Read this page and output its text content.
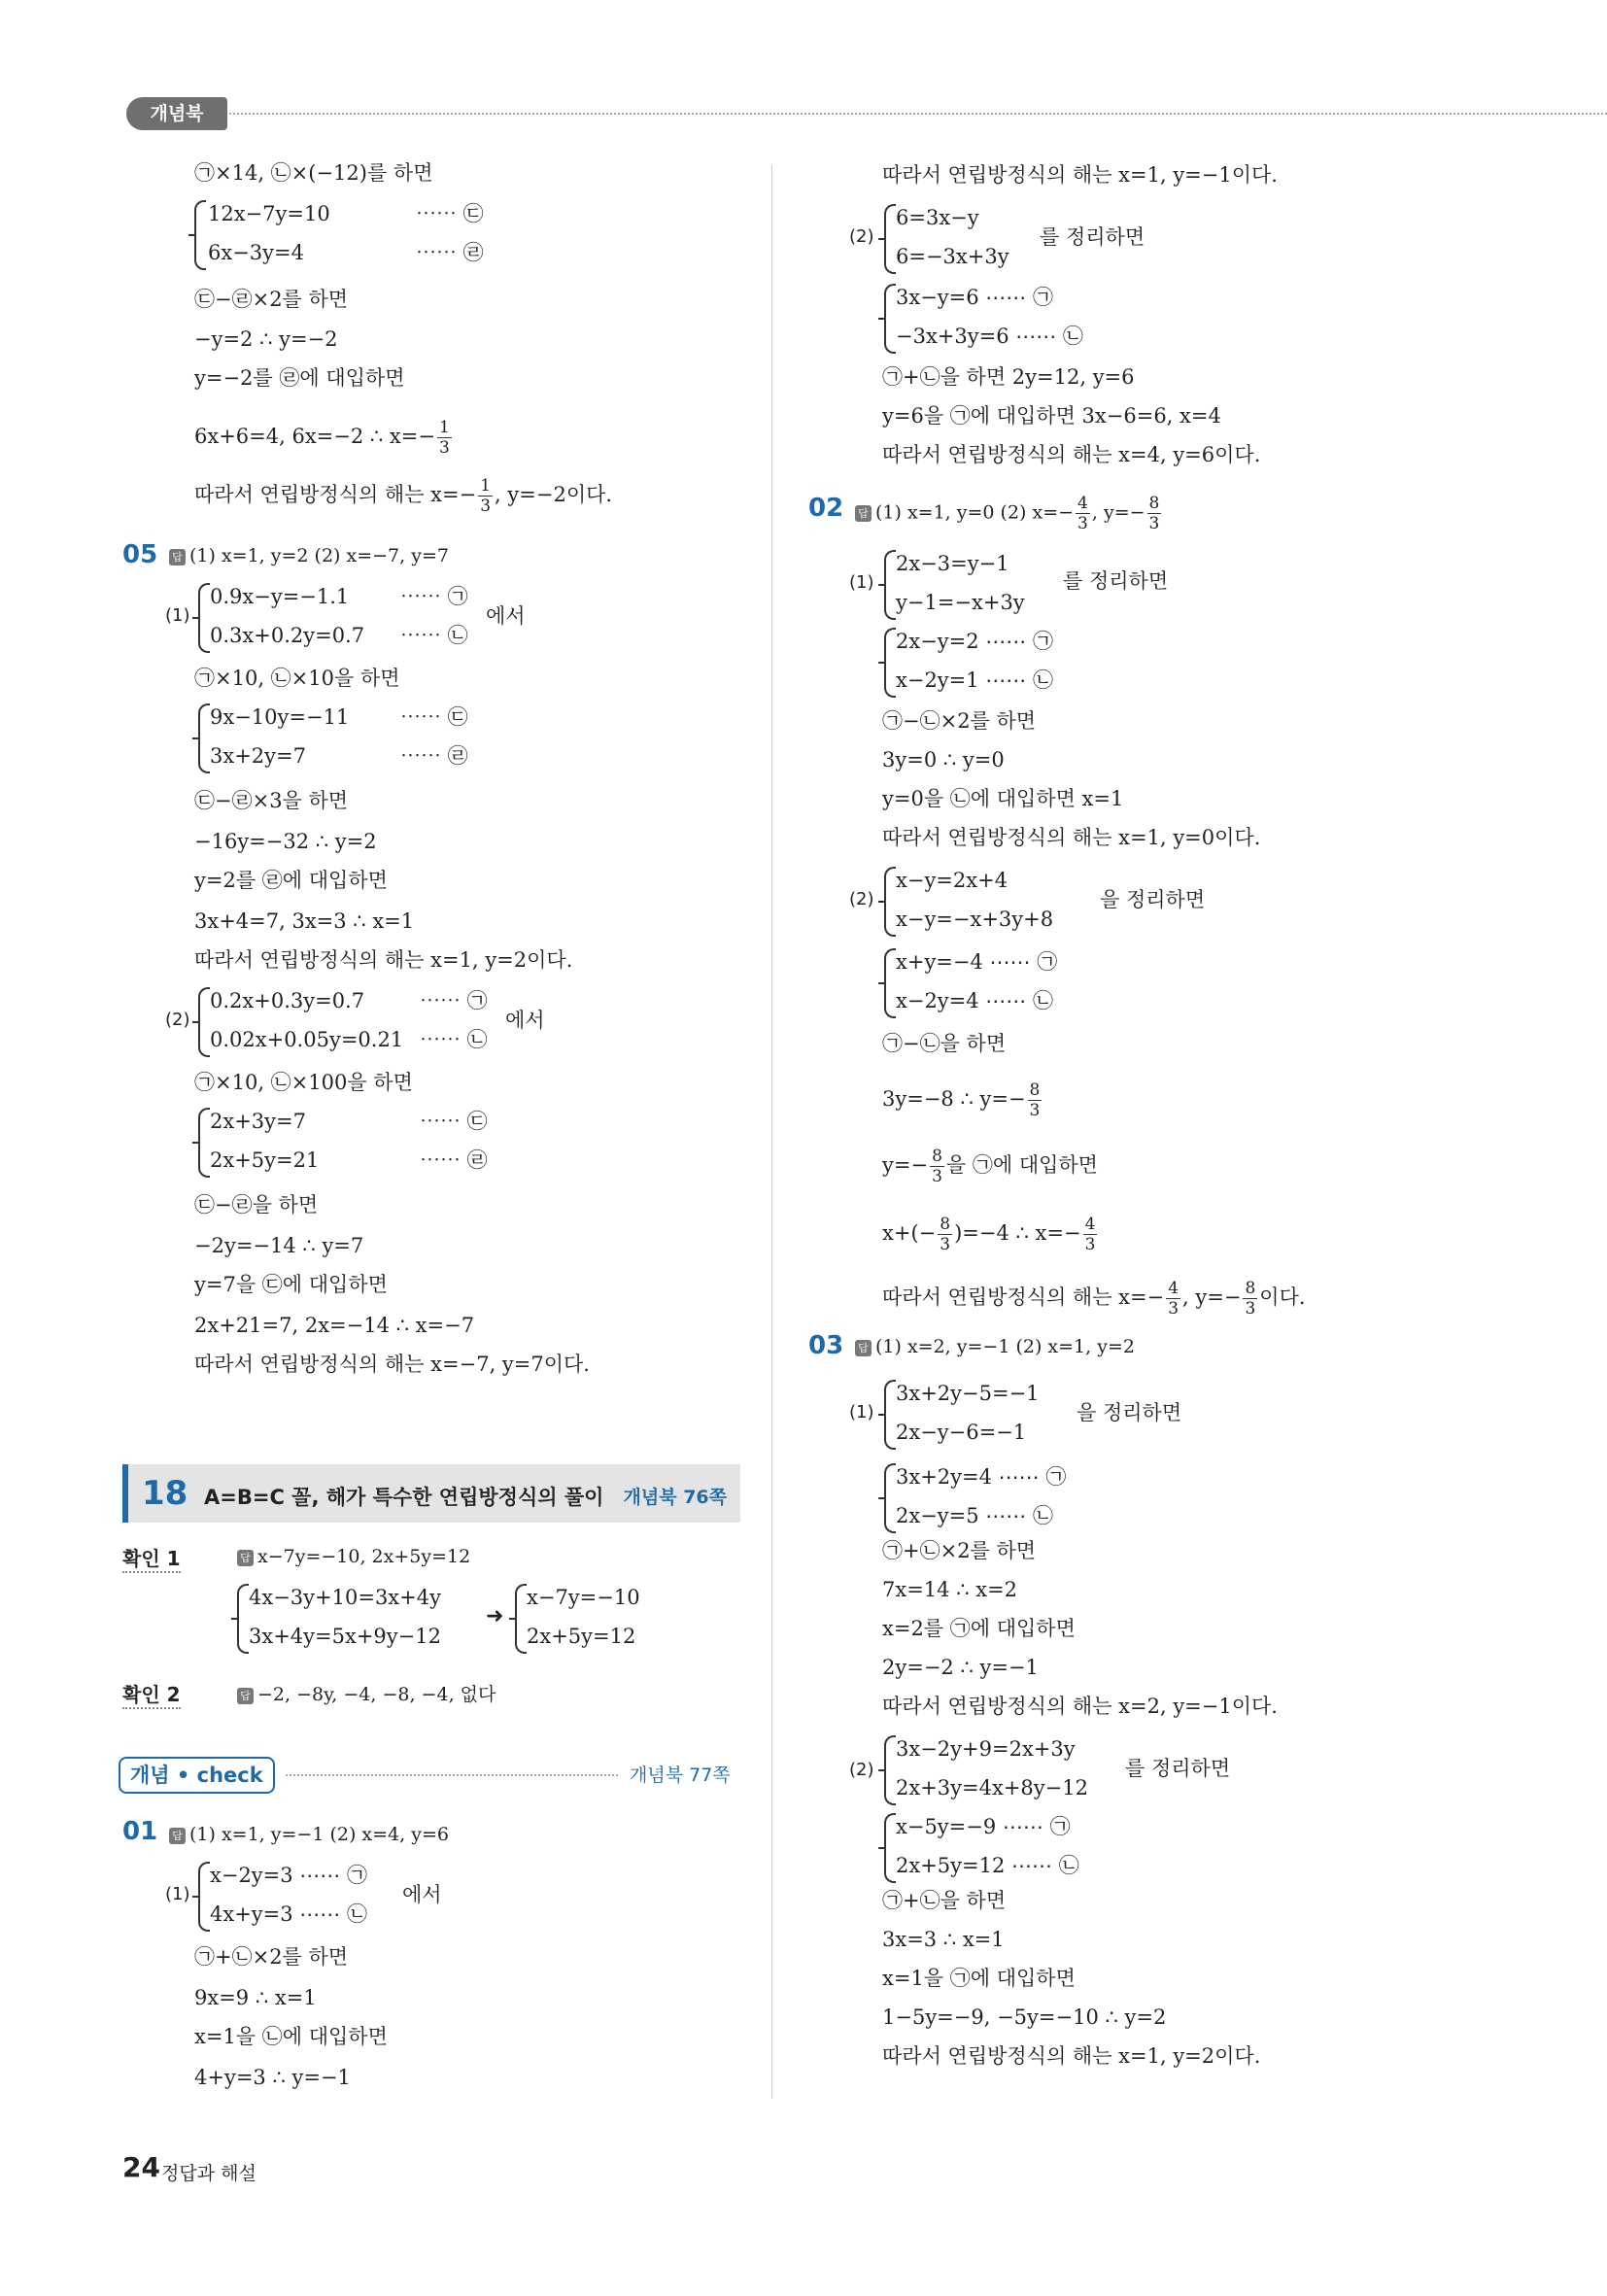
개념북
㉠×14, ㉡×(−12)를 하면
12x−7y=10
6x−3y=4
⋯⋯ ㉢
⋯⋯ ㉣
㉢−㉣×2를 하면
−y=2 ∴ y=−2
y=−2를 ㉣에 대입하면
6x+6=4, 6x=−2 ∴ $x=- \frac{1}{3}$
따라서 연립방정식의 해는 $x=- \frac{1}{3}$ , y=−2이다.
05 답 (1) x=1, y=2 (2) x=−7, y=7
(1)
0.9x−y=−1.1
0.3x+0.2y=0.7
⋯⋯ ㉠
⋯⋯ ㉡
에서
㉠×10, ㉡×10을 하면
9x−10y=−11
3x+2y=7
⋯⋯ ㉢
⋯⋯ ㉣
㉢−㉣×3을 하면
−16y=−32 ∴ y=2
y=2를 ㉣에 대입하면
3x+4=7, 3x=3 ∴ x=1
따라서 연립방정식의 해는 x=1, y=2이다.
(2)
0.2x+0.3y=0.7
0.02x+0.05y=0.21
⋯⋯ ㉠
⋯⋯ ㉡
에서
㉠×10, ㉡×100을 하면
2x+3y=7
2x+5y=21
⋯⋯ ㉢
⋯⋯ ㉣
㉢−㉣을 하면
−2y=−14 ∴ y=7
y=7을 ㉢에 대입하면
2x+21=7, 2x=−14 ∴ x=−7
따라서 연립방정식의 해는 x=−7, y=7이다.
18 A=B=C 꼴, 해가 특수한 연립방정식의 풀이 개념북 76쪽
확인 1	답 x−7y=−10, 2x+5y=12
4x−3y+10=3x+4y
3x+4y=5x+9y−12
➜
x−7y=−10
2x+5y=12
확인 2	답 −2, −8y, −4, −8, −4, 없다
개념 • check	개념북 77쪽
01 답 (1) x=1, y=−1 (2) x=4, y=6
(1)
x−2y=3 ⋯⋯ ㉠
4x+y=3 ⋯⋯ ㉡
에서
㉠+㉡×2를 하면
9x=9 ∴ x=1
x=1을 ㉡에 대입하면
4+y=3 ∴ y=−1
따라서 연립방정식의 해는 x=1, y=−1이다.
(2)
6=3x−y
6=−3x+3y
를 정리하면
3x−y=6 ⋯⋯ ㉠
−3x+3y=6 ⋯⋯ ㉡
㉠+㉡을 하면 2y=12, y=6
y=6을 ㉠에 대입하면 3x−6=6, x=4
따라서 연립방정식의 해는 x=4, y=6이다.
02 답 (1) x=1, y=0 (2) $x=- \frac{4}{3}$ , $y=- \frac{8}{3}$
(1)
2x−3=y−1
y−1=−x+3y
를 정리하면
2x−y=2 ⋯⋯ ㉠
x−2y=1 ⋯⋯ ㉡
㉠−㉡×2를 하면
3y=0 ∴ y=0
y=0을 ㉡에 대입하면 x=1
따라서 연립방정식의 해는 x=1, y=0이다.
(2)
x−y=2x+4
x−y=−x+3y+8
을 정리하면
x+y=−4 ⋯⋯ ㉠
x−2y=4 ⋯⋯ ㉡
㉠−㉡을 하면
3y=−8 ∴ $y=- \frac{8}{3}$
$y=- \frac{8}{3}$ 을 ㉠에 대입하면
$x+(- \frac{8}{3} )=-4$ ∴ $x=- \frac{4}{3}$
따라서 연립방정식의 해는 $x=- \frac{4}{3}$ , $y=- \frac{8}{3}$ 이다.
03 답 (1) x=2, y=−1 (2) x=1, y=2
(1)
3x+2y−5=−1
2x−y−6=−1
을 정리하면
3x+2y=4 ⋯⋯ ㉠
2x−y=5 ⋯⋯ ㉡
㉠+㉡×2를 하면
7x=14 ∴ x=2
x=2를 ㉠에 대입하면
2y=−2 ∴ y=−1
따라서 연립방정식의 해는 x=2, y=−1이다.
(2)
3x−2y+9=2x+3y
2x+3y=4x+8y−12
를 정리하면
x−5y=−9 ⋯⋯ ㉠
2x+5y=12 ⋯⋯ ㉡
㉠+㉡을 하면
3x=3 ∴ x=1
x=1을 ㉠에 대입하면
1−5y=−9, −5y=−10 ∴ y=2
따라서 연립방정식의 해는 x=1, y=2이다.
24 정답과 해설
